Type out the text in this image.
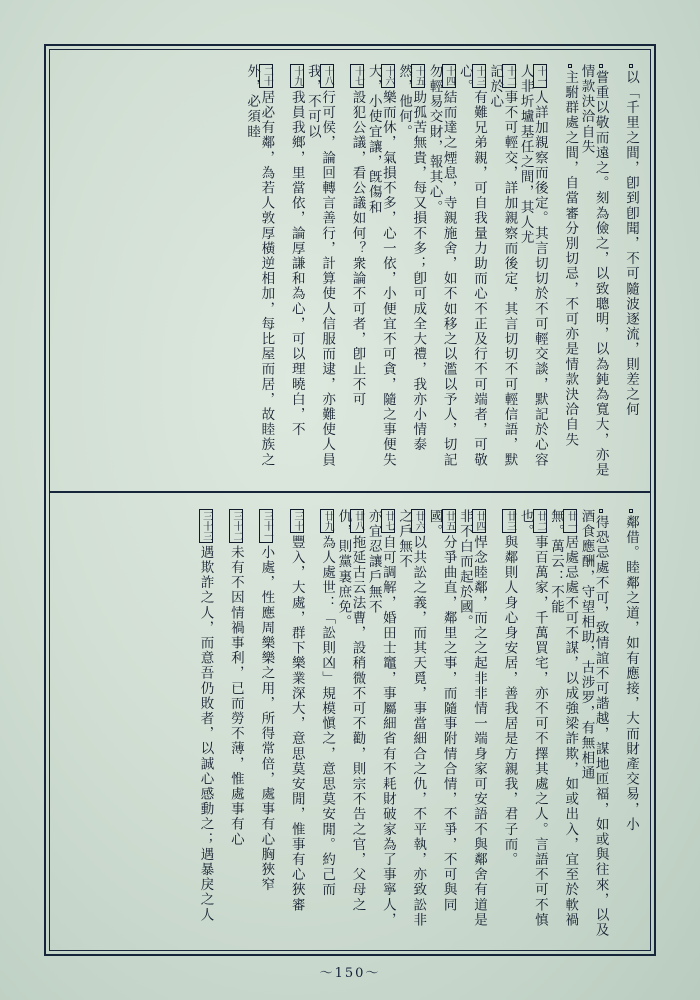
以「千里之間，卽到卽聞，不可隨波逐流，則差之何
嘗重以敬而遠之。刻為儉之，以致聰明，以為鈍為寬大，亦是情款決洽自失
主駙群處之間，自當審分別切忌，不可亦是情款決洽自失
十一人詳加親察而後定。其言切切於不可輕交談，默記於心容人非圻壚基任之間，其人尤
十二事不可輕交，詳加親察而後定，其言切切不可輕信語，默記於心
十三有難兄弟親，可自我量力助而心不正及行不可端者，可敬心。
十四結而達之煙息，寺親施舍，如不如移之以濫以予人，切記勿輕易交財，報其心。
十五助孤苦無貴，每又損不多；卽可成全大禮，我亦小情泰然，他何。
十六樂而休，氣損不多，心一依，小便宜不可貪，隨之事便失大，小使宜讓，旣傷和
十七設犯公議，看公議如何？衆論不可者，卽止不可
十八行可侯，論回轉言善行，計算使人信服而逮，亦難使人員我，不可以
十九我員我鄉，里當依，論厚謙和為心，可以理曉白，不
二十居必有鄰，為若人敦厚橫逆相加，每比屋而居，故睦族之外，必須睦
鄰借。睦鄰之道，如有應接，大而財產交易，小
得恐忌處不可，致情誼不可諧越，謀地匝福，如或與往來，以及酒食應酬，守望相助，古涉罗，有無相通
廿一居處忌處不可不謀，以成強梁詐欺，如或出入，宜至於軟禍無。萬云：不能
廿二事百萬家，千萬買宅，亦不可不擇其處之人。言語不可不慎也。
廿三與鄰則人身心身安居，善我居是方親我，君子而。
廿四悍念睦鄰，而之之起非非情一端身家可安語不與鄰舍有道是非不白而起於國。
廿五分爭曲直，鄰里之事，而隨事附情合情，不爭，不可與同國。
廿六以共訟之義，而其天覓，事當細合之仇，不平執，亦致訟非之戶無不
廿七自可調解，婚田士竈，事屬細省有不耗財破家為了事寧人，亦宜忍讓戶無不
廿八拖延古云法曹，設稍微不可不勸，則宗不告之官，父母之仇，則黨裏庶免。
廿九為人處世：「訟則凶」規模愼之，意思莫安閒。約己而
三十豐入，大處，群下樂業深大，意思莫安閒，惟事有心狹審
三十一小處，性應周樂樂之用，所得常倍，處事有心胸狹窄
三十二未有不因情禍事利，已而勞不薄，惟處事有心
三十三遇欺詐之人，而意吾仍敗者，以誠心感動之；遇暴戾之人
～150～
